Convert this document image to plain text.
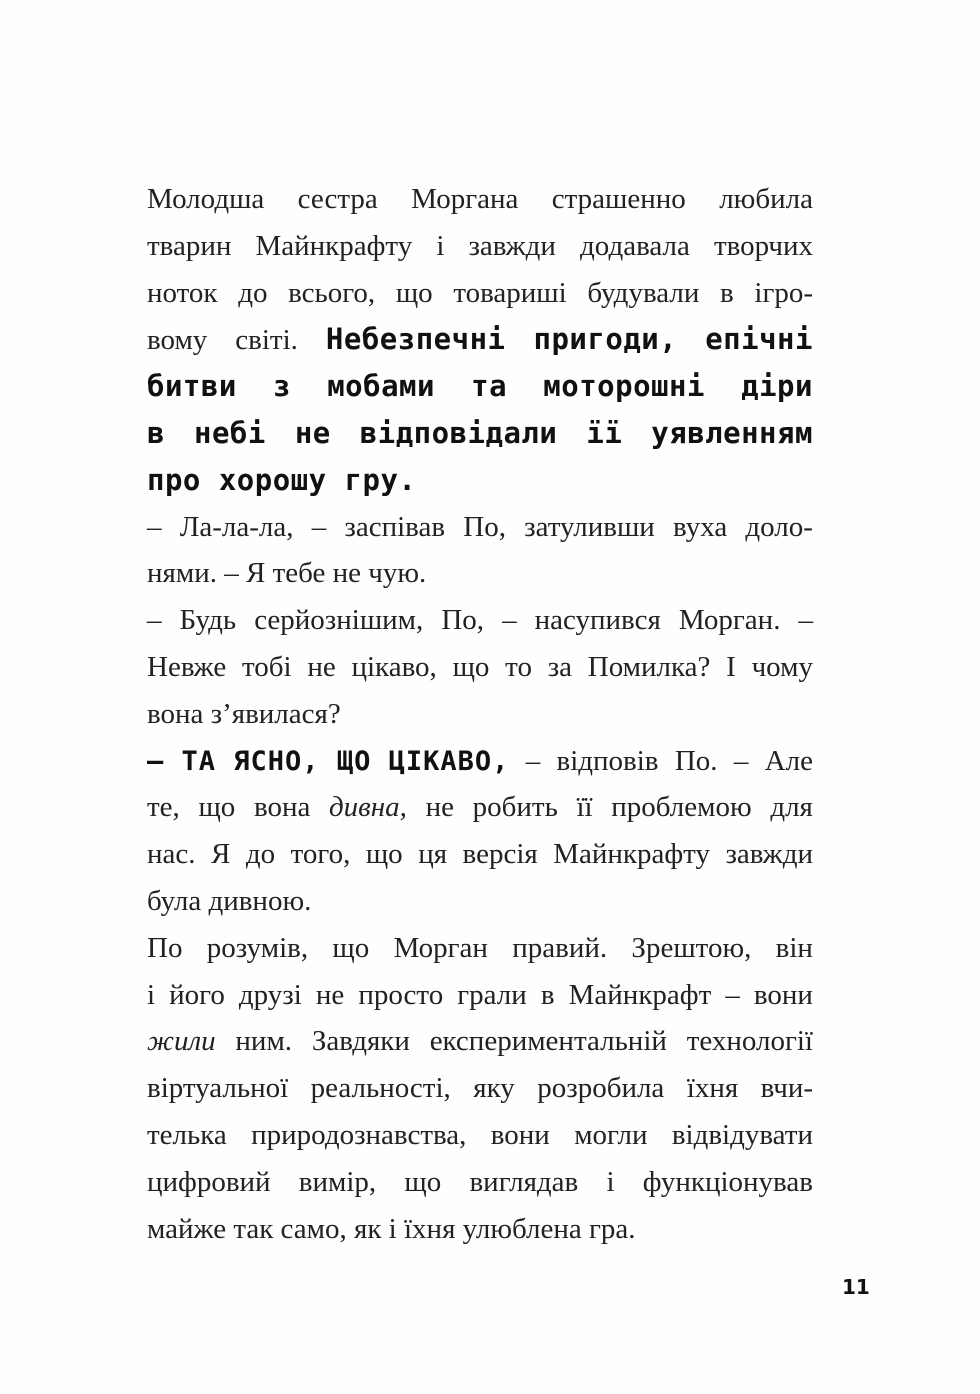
Молодша сестра Моргана страшенно любила
тварин Майнкрафту і завжди додавала творчих
ноток до всього, що товариші будували в ігро-
вому світі. Небезпечні пригоди, епічні
битви з мобами та моторошні діри
в небі не відповідали її уявленням
про хорошу гру.
– Ла-ла-ла, – заспівав По, затуливши вуха доло-
нями. – Я тебе не чую.
– Будь серйознішим, По, – насупився Морган. –
Невже тобі не цікаво, що то за Помилка? І чому
вона з’явилася?
– ТА ЯСНО, ЩО ЦІКАВО, – відповів По. – Але
те, що вона дивна, не робить її проблемою для
нас. Я до того, що ця версія Майнкрафту завжди
була дивною.
По розумів, що Морган правий. Зрештою, він
і його друзі не просто грали в Майнкрафт – вони
жили ним. Завдяки експериментальній технології
віртуальної реальності, яку розробила їхня вчи-
телька природознавства, вони могли відвідувати
цифровий вимір, що виглядав і функціонував
майже так само, як і їхня улюблена гра.
11
